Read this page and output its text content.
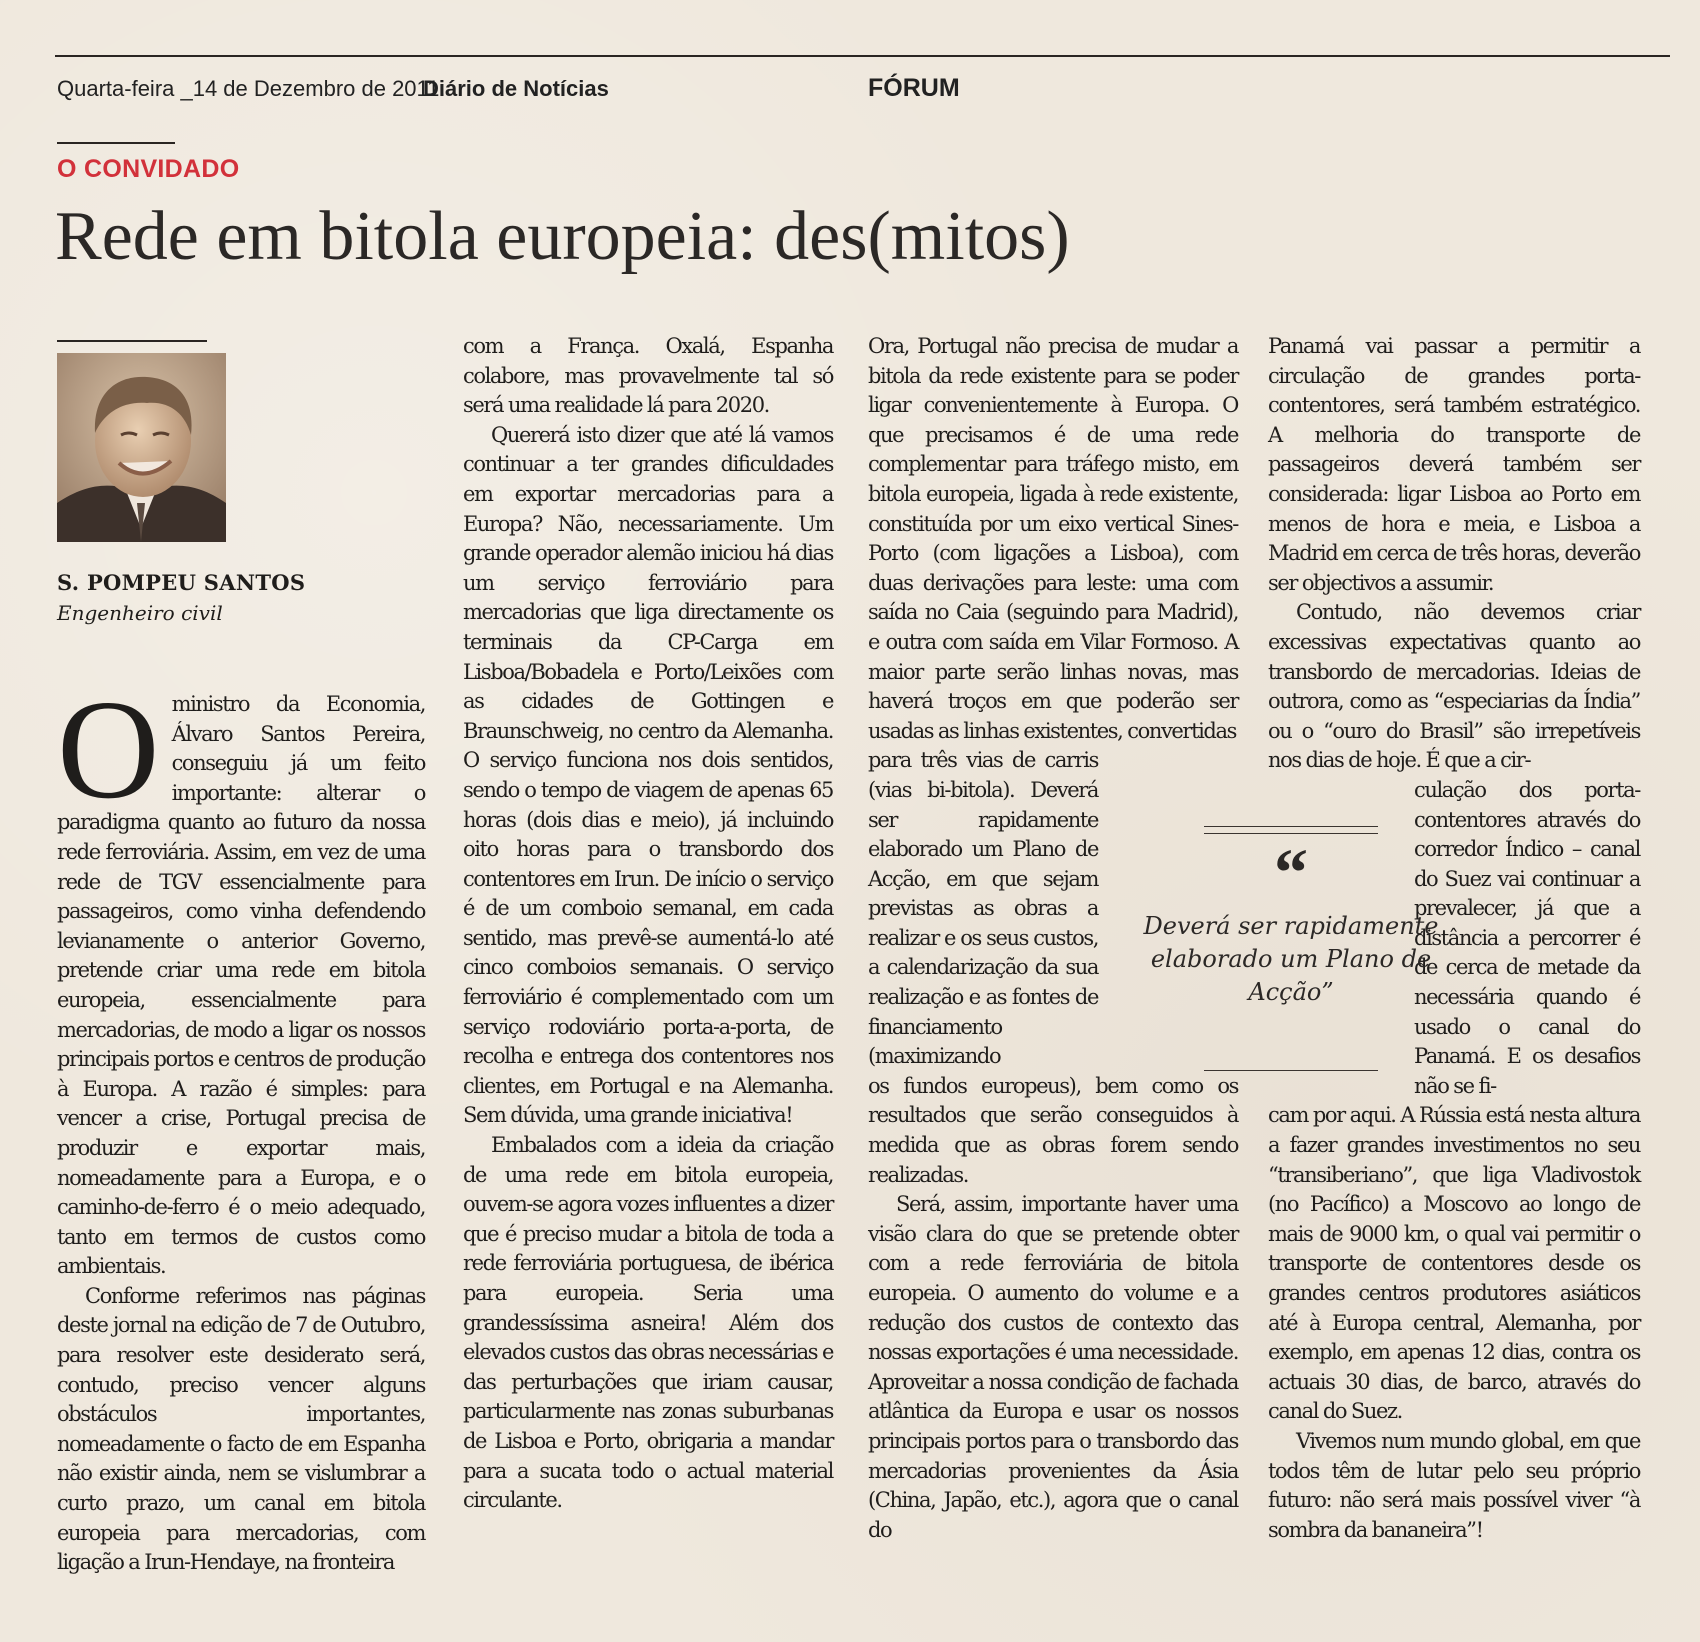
Quarta-feira _14 de Dezembro de 2011.
Diário de Notícias	FÓRUM
O CONVIDADO
Rede em bitola europeia: des(mitos)
S. POMPEU SANTOS
Engenheiro civil
O ministro da Economia, Álvaro Santos Pereira, conseguiu já um feito importante: alterar o paradigma quanto ao futuro da nossa rede ferroviária. Assim, em vez de uma rede de TGV essencialmente para passageiros, como vinha defendendo levianamente o anterior Governo, pretende criar uma rede em bitola europeia, essencialmente para mercadorias, de modo a ligar os nossos principais portos e centros de produção à Europa. A razão é simples: para vencer a crise, Portugal precisa de produzir e exportar mais, nomeadamente para a Europa, e o caminho-de-ferro é o meio adequado, tanto em termos de custos como ambientais.

Conforme referimos nas páginas deste jornal na edição de 7 de Outubro, para resolver este desiderato será, contudo, preciso vencer alguns obstáculos importantes, nomeadamente o facto de em Espanha não existir ainda, nem se vislumbrar a curto prazo, um canal em bitola europeia para mercadorias, com ligação a Irun-Hendaye, na fronteira

com a França. Oxalá, Espanha colabore, mas provavelmente tal só será uma realidade lá para 2020.

Quererá isto dizer que até lá vamos continuar a ter grandes dificuldades em exportar mercadorias para a Europa? Não, necessariamente. Um grande operador alemão iniciou há dias um serviço ferroviário para mercadorias que liga directamente os terminais da CP-Carga em Lisboa/Bobadela e Porto/Leixões com as cidades de Gottingen e Braunschweig, no centro da Alemanha. O serviço funciona nos dois sentidos, sendo o tempo de viagem de apenas 65 horas (dois dias e meio), já incluindo oito horas para o transbordo dos contentores em Irun. De início o serviço é de um comboio semanal, em cada sentido, mas prevê-se aumentá-lo até cinco comboios semanais. O serviço ferroviário é complementado com um serviço rodoviário porta-a-porta, de recolha e entrega dos contentores nos clientes, em Portugal e na Alemanha. Sem dúvida, uma grande iniciativa!

Embalados com a ideia da criação de uma rede em bitola europeia, ouvem-se agora vozes influentes a dizer que é preciso mudar a bitola de toda a rede ferroviária portuguesa, de ibérica para europeia. Seria uma grandessíssima asneira! Além dos elevados custos das obras necessárias e das perturbações que iriam causar, particularmente nas zonas suburbanas de Lisboa e Porto, obrigaria a mandar para a sucata todo o actual material circulante.

Ora, Portugal não precisa de mudar a bitola da rede existente para se poder ligar convenientemente à Europa. O que precisamos é de uma rede complementar para tráfego misto, em bitola europeia, ligada à rede existente, constituída por um eixo vertical Sines-Porto (com ligações a Lisboa), com duas derivações para leste: uma com saída no Caia (seguindo para Madrid), e outra com saída em Vilar Formoso. A maior parte serão linhas novas, mas haverá troços em que poderão ser usadas as linhas existentes, convertidas

para três vias de carris (vias bi-bitola). Deverá ser rapidamente elaborado um Plano de Acção, em que sejam previstas as obras a realizar e os seus custos, a calendarização da sua realização e as fontes de financiamento (maximizando

os fundos europeus), bem como os resultados que serão conseguidos à medida que as obras forem sendo realizadas.

Será, assim, importante haver uma visão clara do que se pretende obter com a rede ferroviária de bitola europeia. O aumento do volume e a redução dos custos de contexto das nossas exportações é uma necessidade. Aproveitar a nossa condição de fachada atlântica da Europa e usar os nossos principais portos para o transbordo das mercadorias provenientes da Ásia (China, Japão, etc.), agora que o canal do

Panamá vai passar a permitir a circulação de grandes porta-contentores, será também estratégico. A melhoria do transporte de passageiros deverá também ser considerada: ligar Lisboa ao Porto em menos de hora e meia, e Lisboa a Madrid em cerca de três horas, deverão ser objectivos a assumir.

Contudo, não devemos criar excessivas expectativas quanto ao transbordo de mercadorias. Ideias de outrora, como as “especiarias da Índia” ou o “ouro do Brasil” são irrepetíveis nos dias de hoje. É que a cir-

culação dos porta-contentores através do corredor Índico – canal do Suez vai continuar a prevalecer, já que a distância a percorrer é de cerca de metade da necessária quando é usado o canal do Panamá. E os desafios não se fi-

cam por aqui. A Rússia está nesta altura a fazer grandes investimentos no seu “transiberiano”, que liga Vladivostok (no Pacífico) a Moscovo ao longo de mais de 9000 km, o qual vai permitir o transporte de contentores desde os grandes centros produtores asiáticos até à Europa central, Alemanha, por exemplo, em apenas 12 dias, contra os actuais 30 dias, de barco, através do canal do Suez.

Vivemos num mundo global, em que todos têm de lutar pelo seu próprio futuro: não será mais possível viver “à sombra da bananeira”!

“
Deverá ser rapidamente elaborado um Plano de Acção”
